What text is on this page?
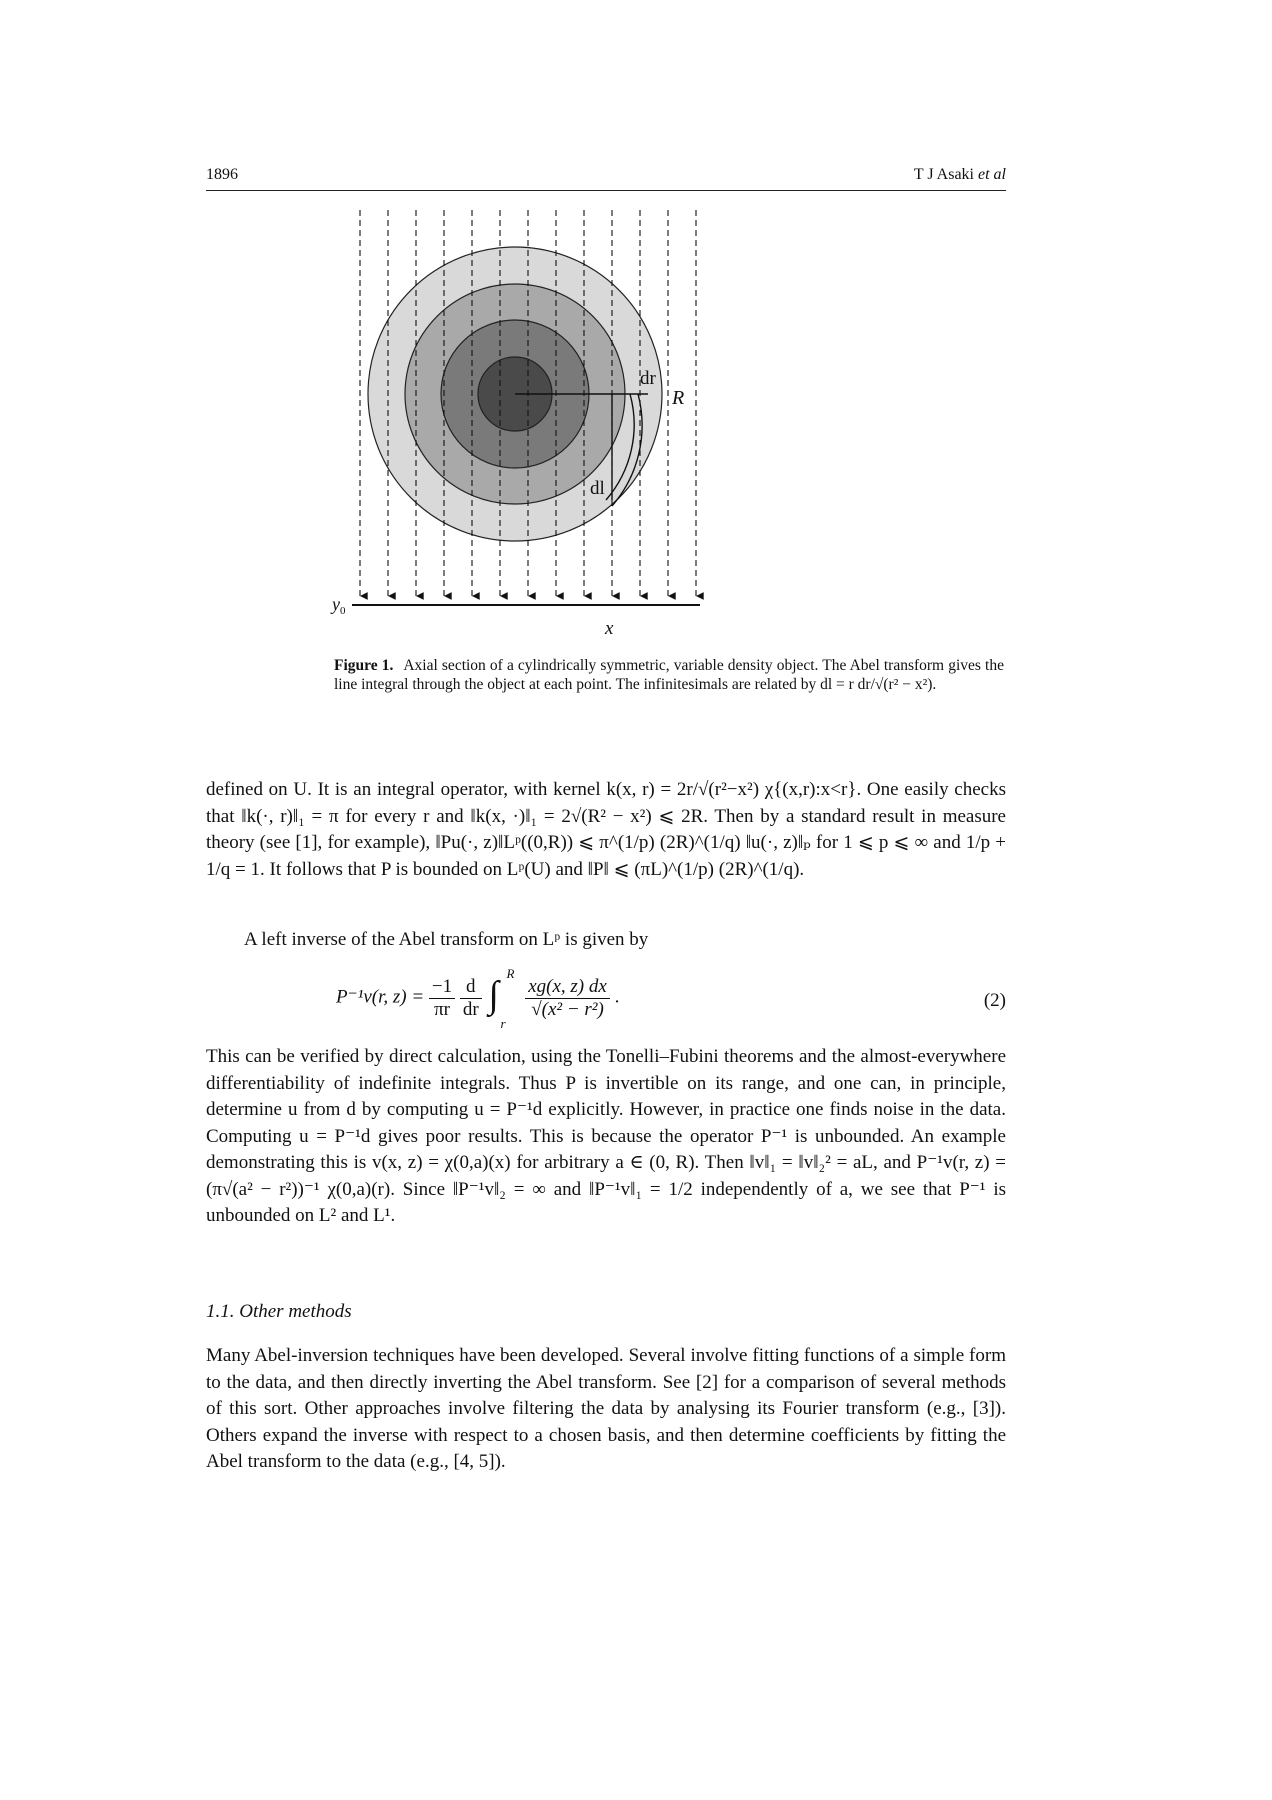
1896	T J Asaki et al
dr
R
dl
$y_0$
x
Figure 1. Axial section of a cylindrically symmetric, variable density object. The Abel transform gives the line integral through the object at each point. The infinitesimals are related by dl = r dr/√(r² − x²).
defined on U. It is an integral operator, with kernel k(x, r) = 2r/√(r²−x²) χ{(x,r):x<r}. One easily checks that ‖k(·, r)‖₁ = π for every r and ‖k(x, ·)‖₁ = 2√(R² − x²) ⩽ 2R. Then by a standard result in measure theory (see [1], for example), ‖Pu(·, z)‖Lᵖ((0,R)) ⩽ π^(1/p) (2R)^(1/q) ‖u(·, z)‖ₚ for 1 ⩽ p ⩽ ∞ and 1/p + 1/q = 1. It follows that P is bounded on Lᵖ(U) and ‖P‖ ⩽ (πL)^(1/p) (2R)^(1/q).
A left inverse of the Abel transform on Lᵖ is given by
P⁻¹v(r, $z) = \frac{-1}{\pi r}$
$\frac{d}{dr}$
∫
R
r

$\frac{xg(x, z) dx}{\text{√(x² − r²)}}$ .	(2)
This can be verified by direct calculation, using the Tonelli–Fubini theorems and the almost-everywhere differentiability of indefinite integrals. Thus P is invertible on its range, and one can, in principle, determine u from d by computing u = P⁻¹d explicitly. However, in practice one finds noise in the data. Computing u = P⁻¹d gives poor results. This is because the operator P⁻¹ is unbounded. An example demonstrating this is v(x, z) = χ(0,a)(x) for arbitrary a ∈ (0, R). Then ‖v‖₁ = ‖v‖₂² = aL, and P⁻¹v(r, z) = (π√(a² − r²))⁻¹ χ(0,a)(r). Since ‖P⁻¹v‖₂ = ∞ and ‖P⁻¹v‖₁ = 1/2 independently of a, we see that P⁻¹ is unbounded on L² and L¹.
1.1. Other methods
Many Abel-inversion techniques have been developed. Several involve fitting functions of a simple form to the data, and then directly inverting the Abel transform. See [2] for a comparison of several methods of this sort. Other approaches involve filtering the data by analysing its Fourier transform (e.g., [3]). Others expand the inverse with respect to a chosen basis, and then determine coefficients by fitting the Abel transform to the data (e.g., [4, 5]).
